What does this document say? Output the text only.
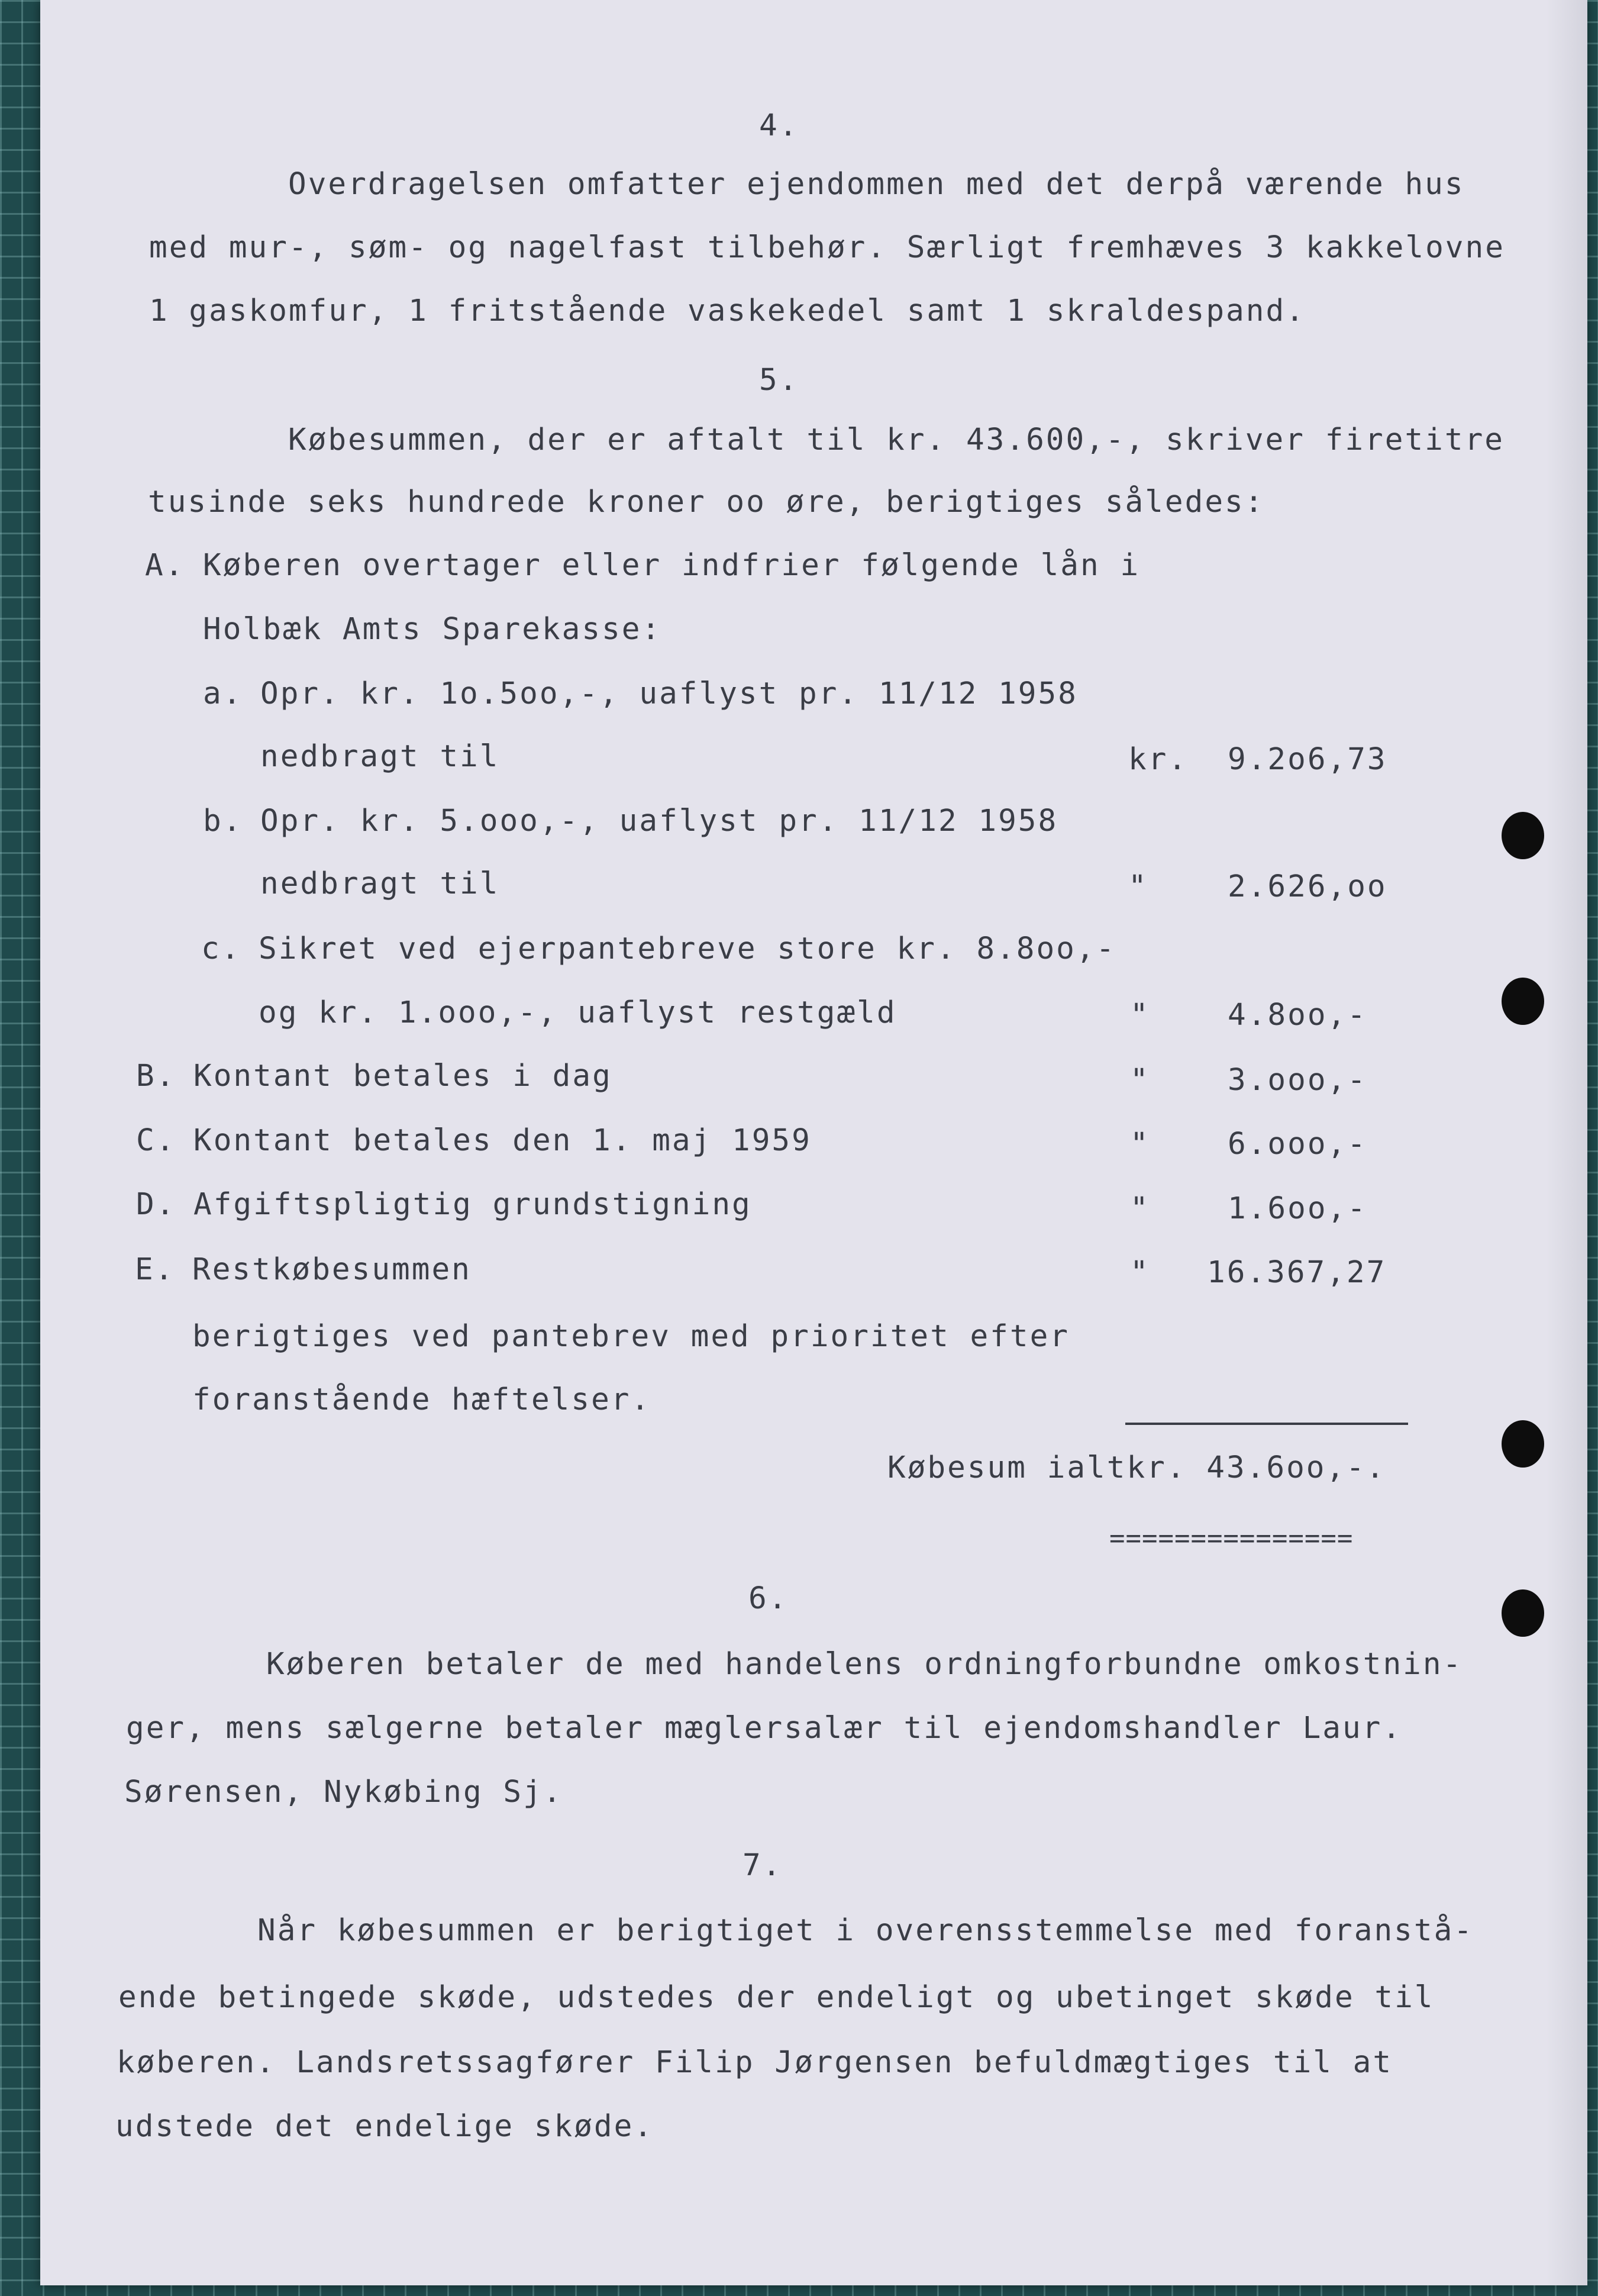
4.
Overdragelsen omfatter ejendommen med det derpå værende hus
med mur-, søm- og nagelfast tilbehør. Særligt fremhæves 3 kakkelovne
1 gaskomfur, 1 fritstående vaskekedel samt 1 skraldespand.
5.
Købesummen, der er aftalt til kr. 43.600,-, skriver firetitre
tusinde seks hundrede kroner oo øre, berigtiges således:
A. Køberen overtager eller indfrier følgende lån i
Holbæk Amts Sparekasse:
a. Opr. kr. 1o.5oo,-, uaflyst pr. 11/12 1958
nedbragt til	kr. 9.2o6,73
b. Opr. kr. 5.ooo,-, uaflyst pr. 11/12 1958
nedbragt til	"	2.626,oo
c. Sikret ved ejerpantebreve store kr. 8.8oo,-
og kr. 1.ooo,-, uaflyst restgæld	"	4.8oo,-
B. Kontant betales i dag	"	3.ooo,-
C. Kontant betales den 1. maj 1959	"	6.ooo,-
D. Afgiftspligtig grundstigning	"	1.6oo,-
E. Restkøbesummen	" 16.367,27
berigtiges ved pantebrev med prioritet efter
foranstående hæftelser.
Købesum ialtkr. 43.6oo,-.
===============
6.
Køberen betaler de med handelens ordningforbundne omkostnin-
ger, mens sælgerne betaler mæglersalær til ejendomshandler Laur.
Sørensen, Nykøbing Sj.
7.
Når købesummen er berigtiget i overensstemmelse med foranstå-
ende betingede skøde, udstedes der endeligt og ubetinget skøde til
køberen. Landsretssagfører Filip Jørgensen befuldmægtiges til at
udstede det endelige skøde.
